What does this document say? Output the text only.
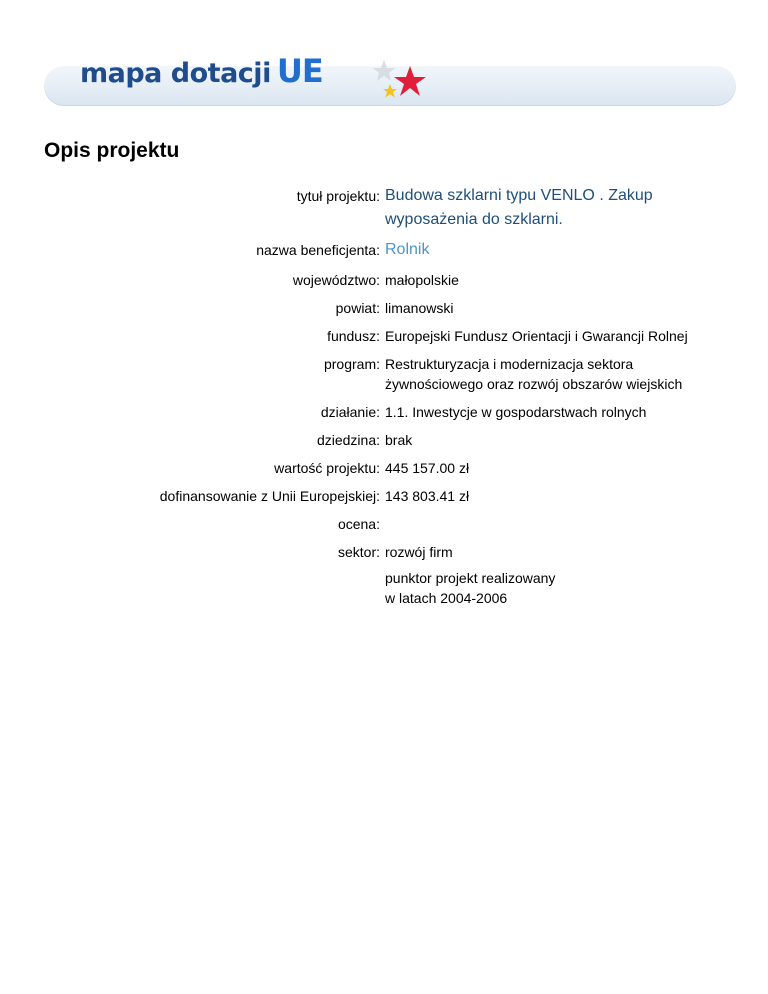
mapa dotacji UE
Opis projektu
tytuł projektu: Budowa szklarni typu VENLO . Zakup wyposażenia do szklarni.
nazwa beneficjenta: Rolnik
województwo: małopolskie
powiat: limanowski
fundusz: Europejski Fundusz Orientacji i Gwarancji Rolnej
program: Restrukturyzacja i modernizacja sektora żywnościowego oraz rozwój obszarów wiejskich
działanie: 1.1. Inwestycje w gospodarstwach rolnych
dziedzina: brak
wartość projektu: 445 157.00 zł
dofinansowanie z Unii Europejskiej: 143 803.41 zł
ocena:
sektor: rozwój firm
punktor projekt realizowany
w latach 2004-2006
